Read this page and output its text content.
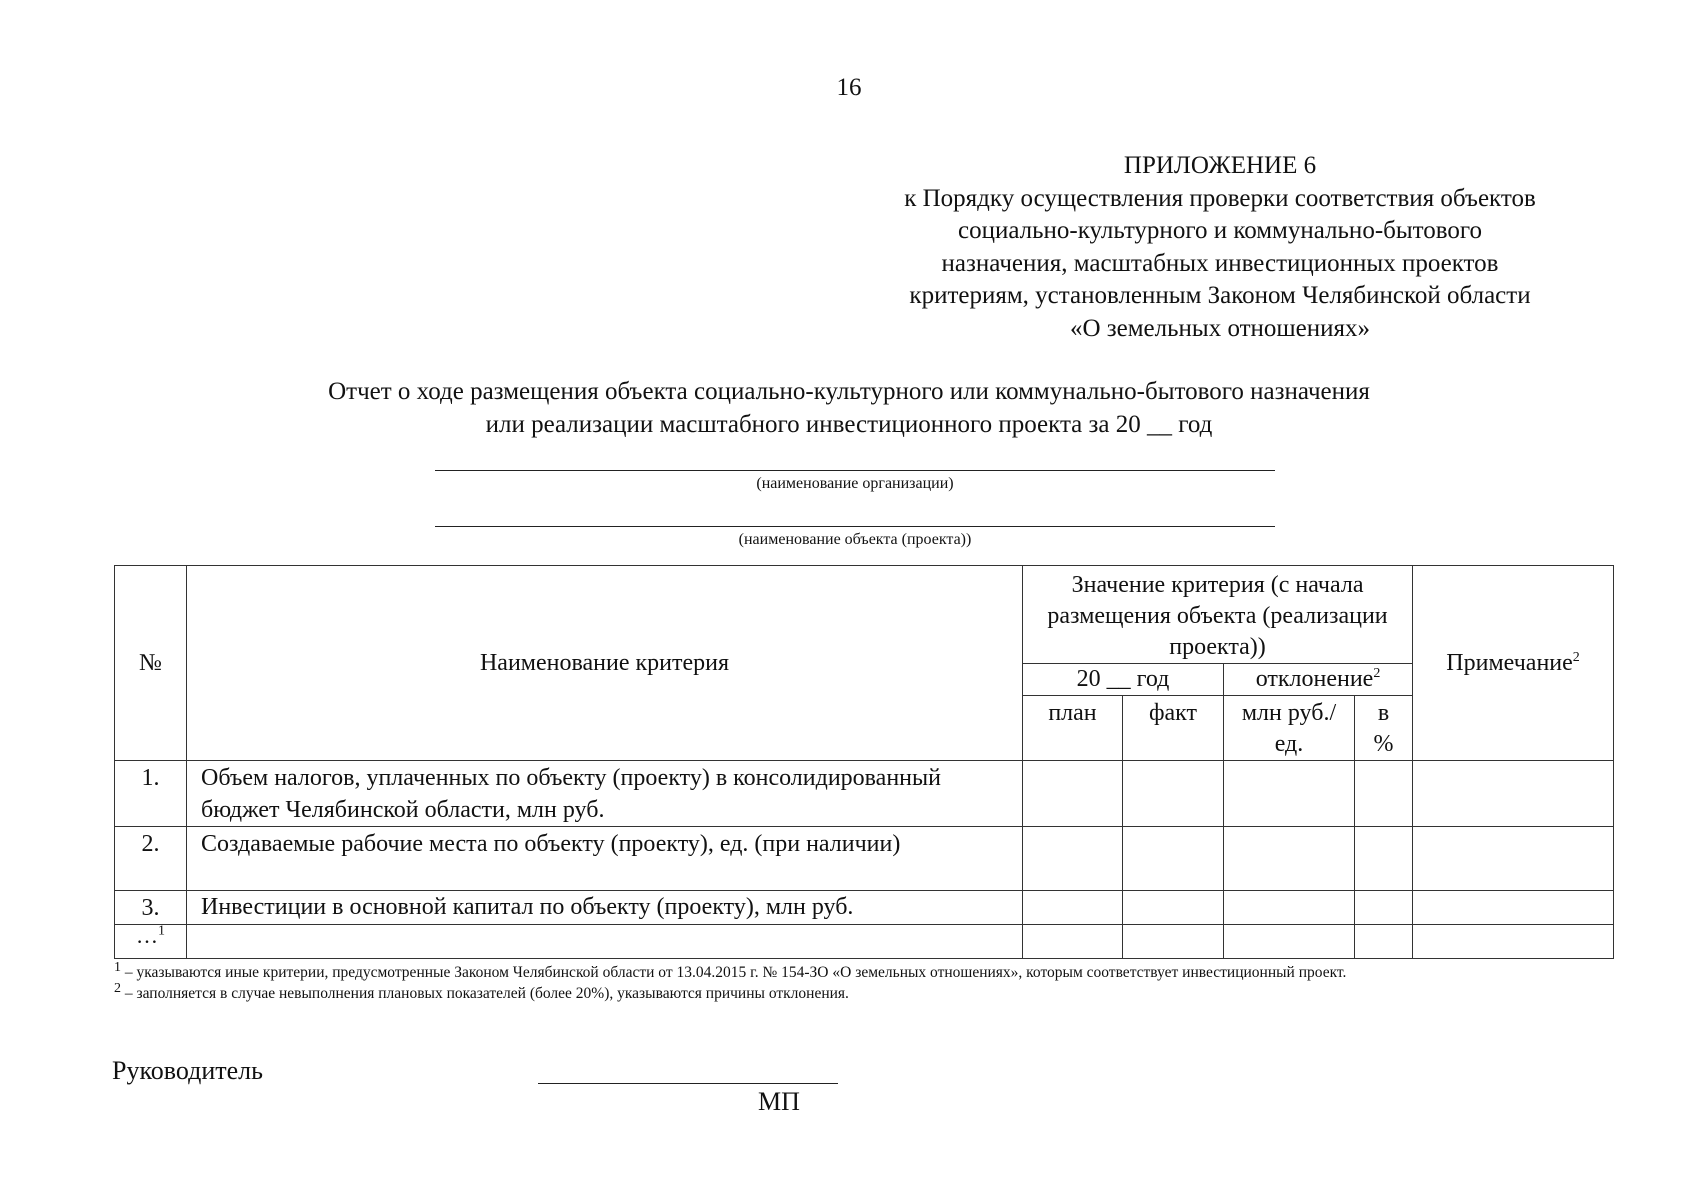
16
ПРИЛОЖЕНИЕ 6
к Порядку осуществления проверки соответствия объектов
социально-культурного и коммунально-бытового
назначения, масштабных инвестиционных проектов
критериям, установленным Законом Челябинской области
«О земельных отношениях»
Отчет о ходе размещения объекта социально-культурного или коммунально-бытового назначения
или реализации масштабного инвестиционного проекта за 20 __ год
(наименование организации)
(наименование объекта (проекта))
№	Наименование критерия	Значение критерия (с начала размещения объекта (реализации проекта))				Примечание$^2$
		20 __ год		отклонение$^2$
		план	факт	млн руб./ед.	в %	
1.	Объем налогов, уплаченных по объекту (проекту) в консолидированный бюджет Челябинской области, млн руб.					
2.	Создаваемые рабочие места по объекту (проекту), ед. (при наличии)					
3.	Инвестиции в основной капитал по объекту (проекту), млн руб.					
…$^1$						
$^1$ – указываются иные критерии, предусмотренные Законом Челябинской области от 13.04.2015 г. № 154-ЗО «О земельных отношениях», которым соответствует инвестиционный проект.
$^2$ – заполняется в случае невыполнения плановых показателей (более 20%), указываются причины отклонения.
Руководитель
МП
